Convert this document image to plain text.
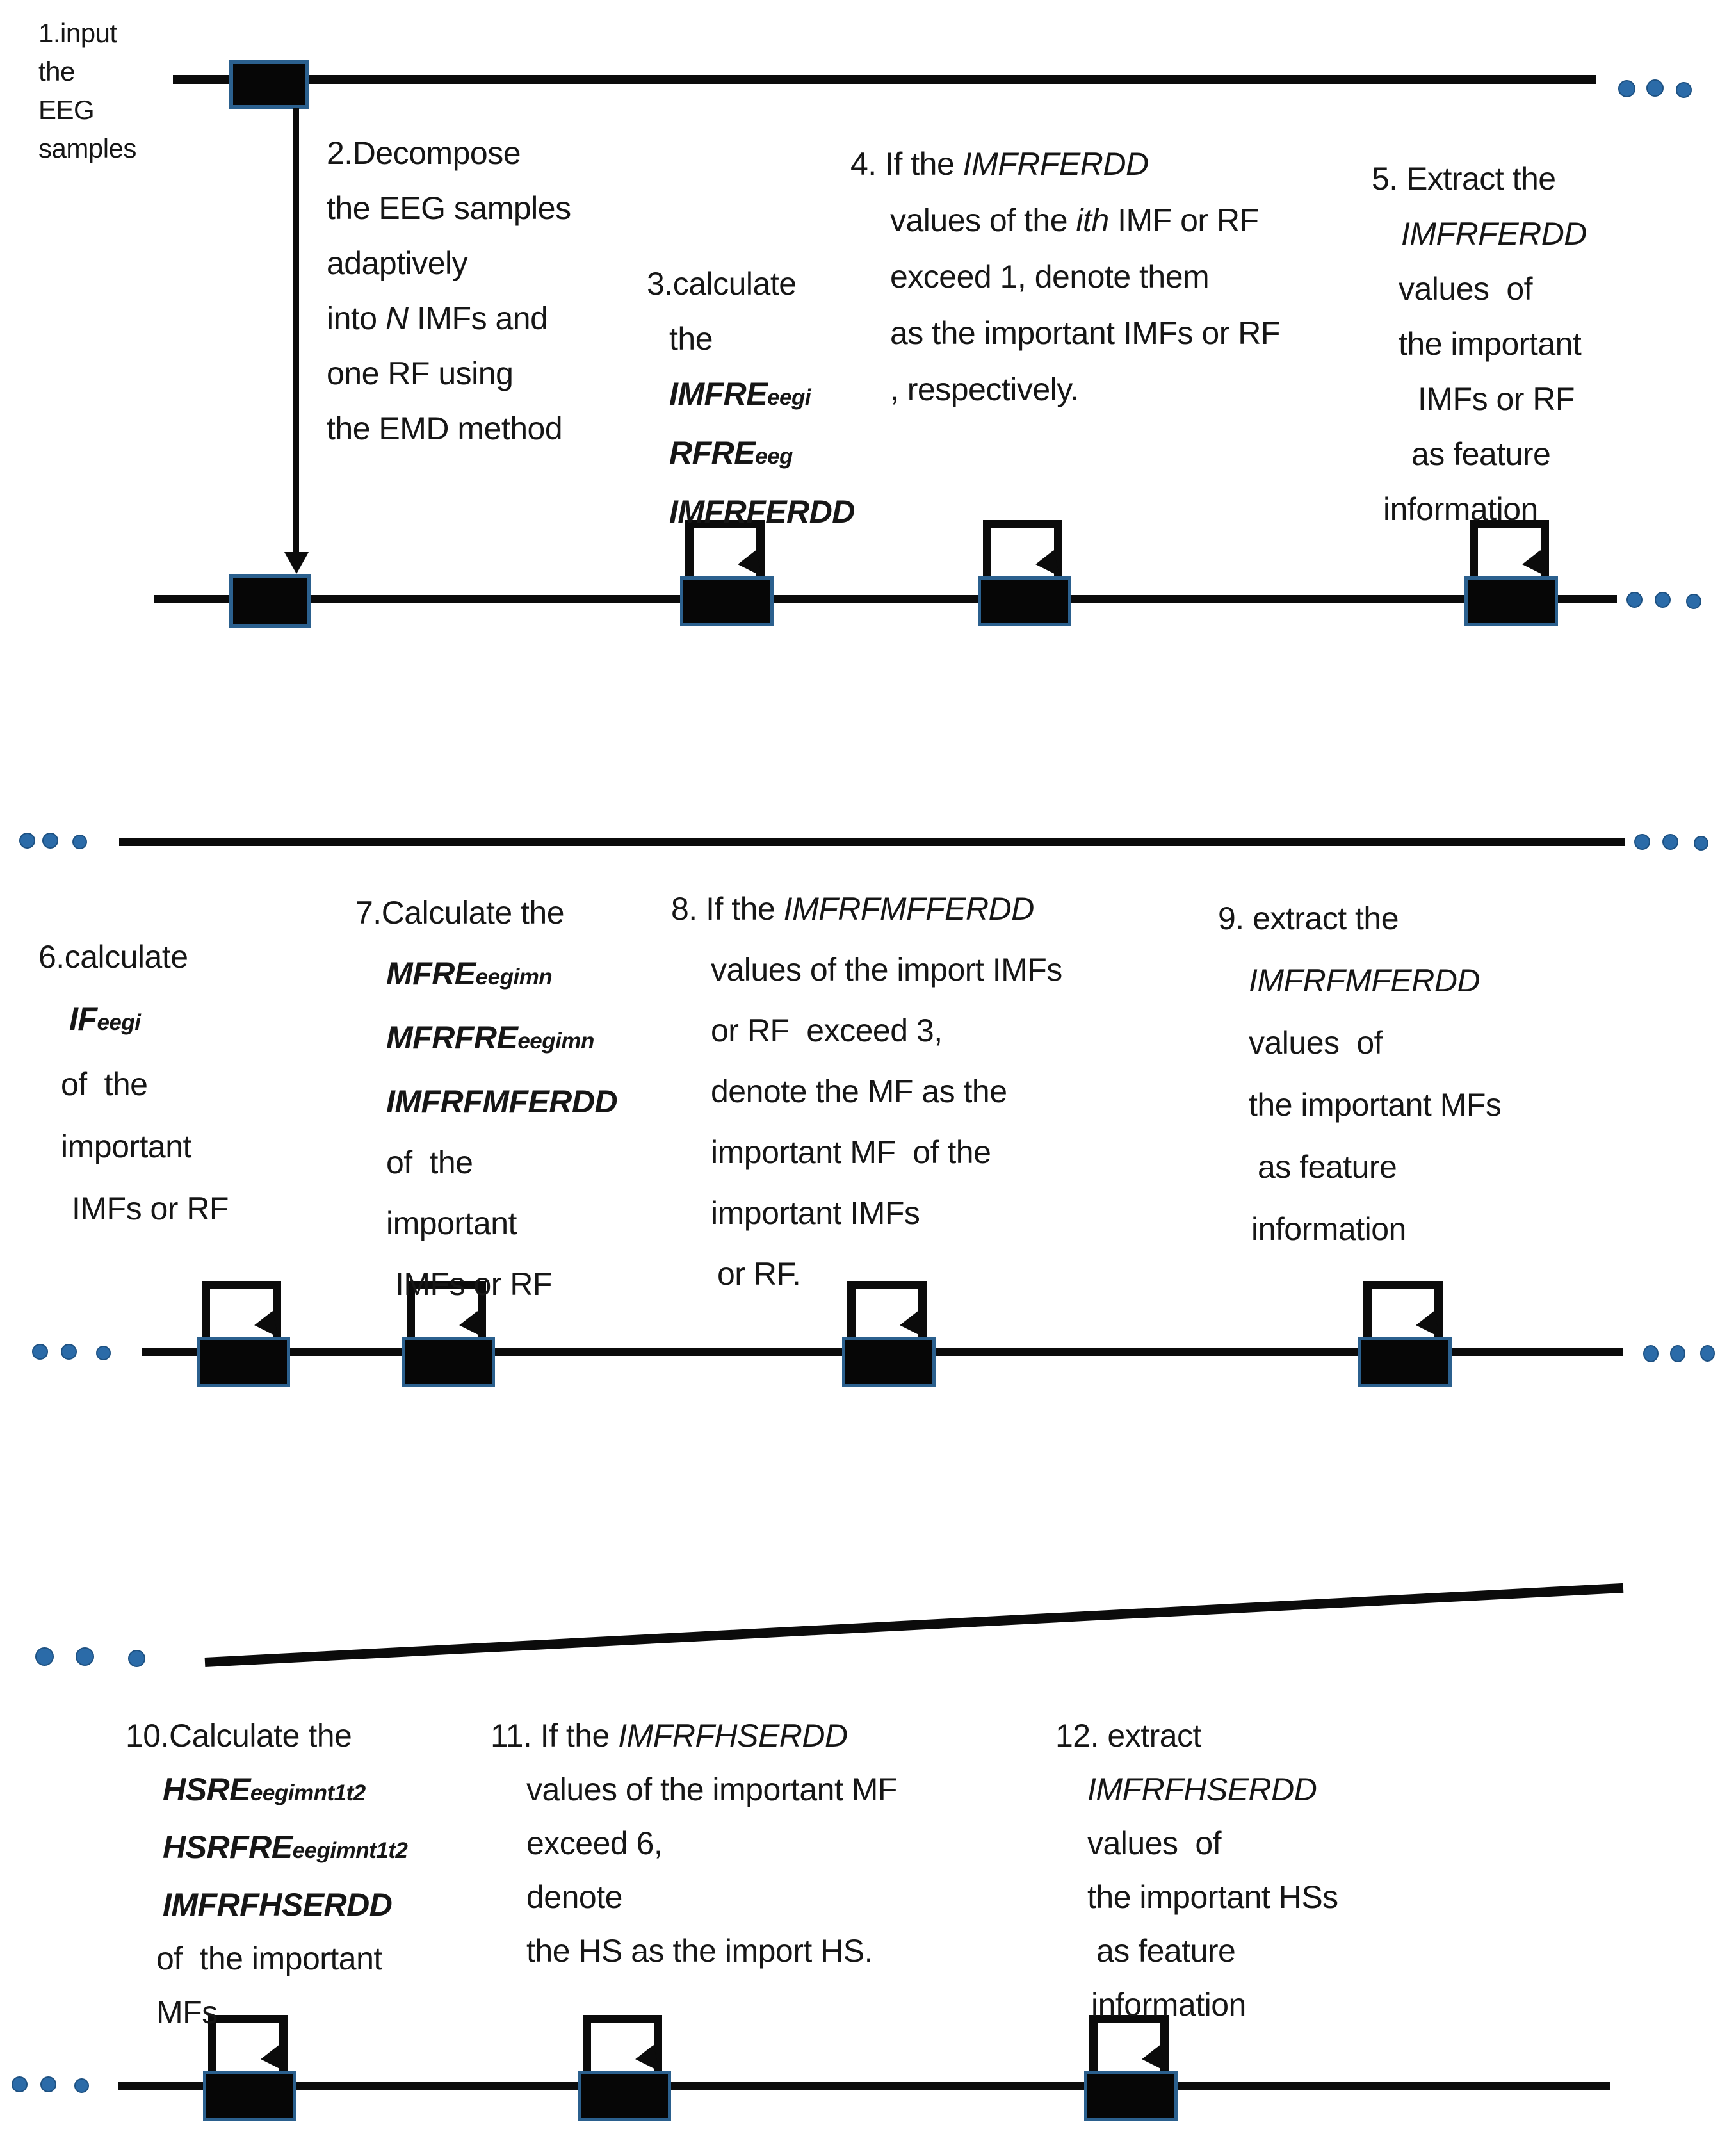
1.input
the
EEG
samples	2.Decompose
the EEG samples
adaptively
into N IMFs and
one RF using
the EMD method
3.calculate
the
IMFREeegi
RFREeeg
IMFRFERDD
4. If the IMFRFERDD
values of the ith IMF or RF
exceed 1, denote them
as the important IMFs or RF
, respectively.
5. Extract the
IMFRFERDD
values  of
the important
IMFs or RF
as feature
information
6.calculate
IFeegi
of  the
important
IMFs or RF
7.Calculate the
MFREeegimn
MFRFREeegimn
IMFRFMFERDD
of  the
important
IMFs or RF
8. If the IMFRFMFFERDD
values of the import IMFs
or RF  exceed 3,
denote the MF as the
important MF  of the
important IMFs
or RF.
9. extract the
IMFRFMFERDD
values  of
the important MFs
as feature
information
10.Calculate the
HSREeegimnt1t2
HSRFREeegimnt1t2
IMFRFHSERDD
of  the important
MFs
11. If the IMFRFHSERDD
values of the important MF
exceed 6,
denote
the HS as the import HS.
12. extract
IMFRFHSERDD
values  of
the important HSs
as feature
information
